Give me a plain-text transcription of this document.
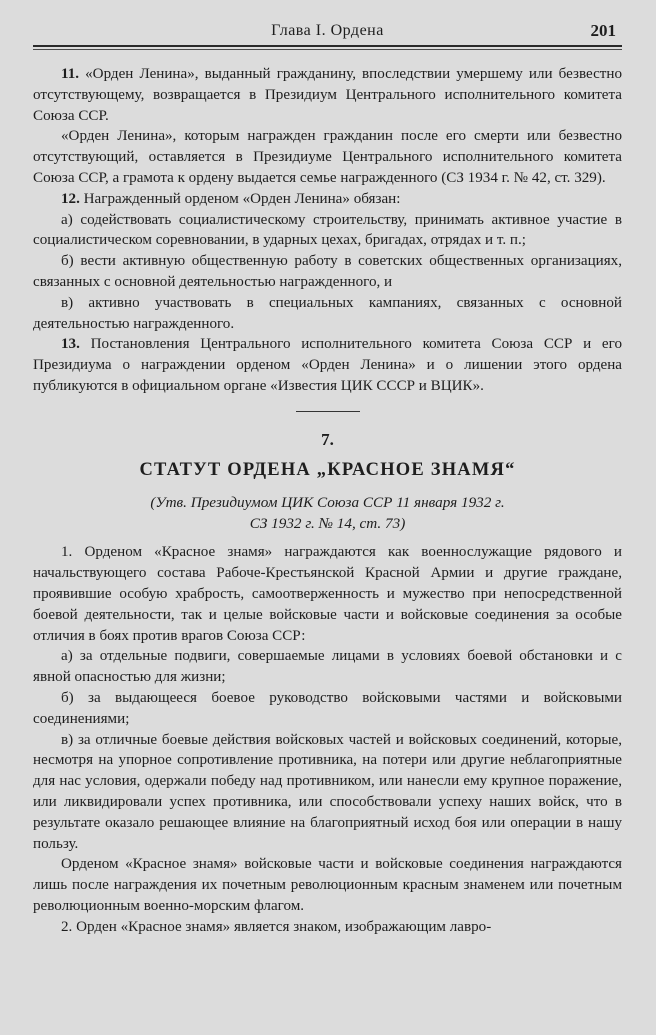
Глава I. Ордена	201

11. «Орден Ленина», выданный гражданину, впоследствии умершему или безвестно отсутствующему, возвращается в Президиум Центрального исполнительного комитета Союза ССР.

«Орден Ленина», которым награжден гражданин после его смерти или безвестно отсутствующий, оставляется в Президиуме Центрального исполнительного комитета Союза ССР, а грамота к ордену выдается семье награжденного (СЗ 1934 г. № 42, ст. 329).

12. Награжденный орденом «Орден Ленина» обязан:

а) содействовать социалистическому строительству, принимать активное участие в социалистическом соревновании, в ударных цехах, бригадах, отрядах и т. п.;

б) вести активную общественную работу в советских общественных организациях, связанных с основной деятельностью награжденного, и

в) активно участвовать в специальных кампаниях, связанных с основной деятельностью награжденного.

13. Постановления Центрального исполнительного комитета Союза ССР и его Президиума о награждении орденом «Орден Ленина» и о лишении этого ордена публикуются в официальном органе «Известия ЦИК СССР и ВЦИК».

7.
СТАТУТ ОРДЕНА „КРАСНОЕ ЗНАМЯ“
(Утв. Президиумом ЦИК Союза ССР 11 января 1932 г.
СЗ 1932 г. № 14, ст. 73)

1. Орденом «Красное знамя» награждаются как военнослужащие рядового и начальствующего состава Рабоче-Крестьянской Красной Армии и другие граждане, проявившие особую храбрость, самоотверженность и мужество при непосредственной боевой деятельности, так и целые войсковые части и войсковые соединения за особые отличия в боях против врагов Союза ССР:

а) за отдельные подвиги, совершаемые лицами в условиях боевой обстановки и с явной опасностью для жизни;

б) за выдающееся боевое руководство войсковыми частями и войсковыми соединениями;

в) за отличные боевые действия войсковых частей и войсковых соединений, которые, несмотря на упорное сопротивление противника, на потери или другие неблагоприятные для нас условия, одержали победу над противником, или нанесли ему крупное поражение, или ликвидировали успех противника, или способствовали успеху наших войск, что в результате оказало решающее влияние на благоприятный исход боя или операции в нашу пользу.

Орденом «Красное знамя» войсковые части и войсковые соединения награждаются лишь после награждения их почетным революционным красным знаменем или почетным революционным военно-морским флагом.

2. Орден «Красное знамя» является знаком, изображающим лавро-
